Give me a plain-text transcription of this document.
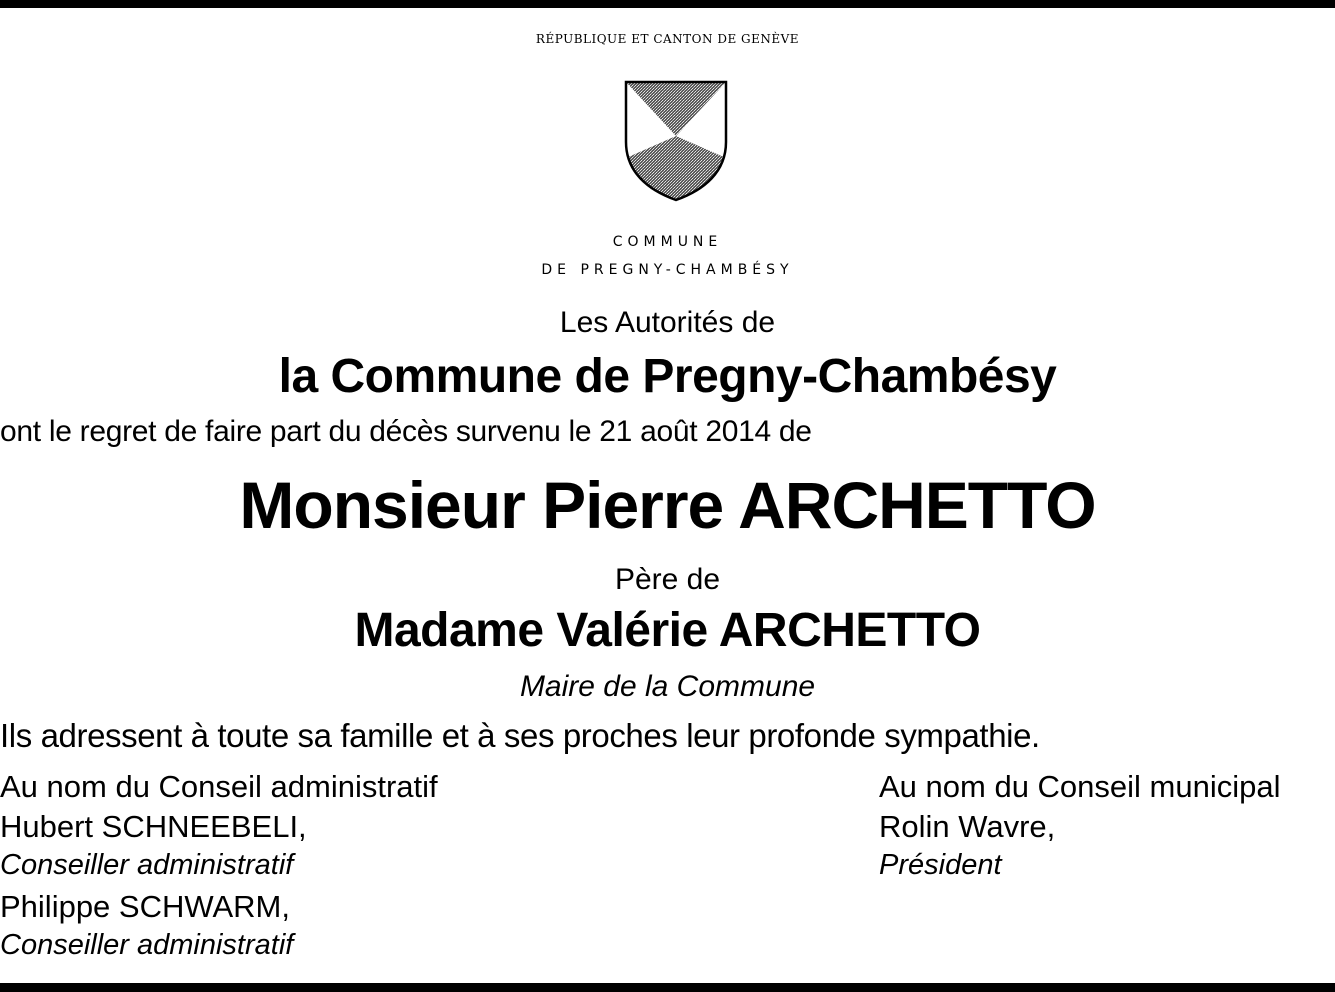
RÉPUBLIQUE ET CANTON DE GENÈVE
COMMUNE
DE PREGNY-CHAMBÉSY
Les Autorités de
la Commune de Pregny-Chambésy
ont le regret de faire part du décès survenu le 21 août 2014 de
Monsieur Pierre ARCHETTO
Père de
Madame Valérie ARCHETTO
Maire de la Commune
Ils adressent à toute sa famille et à ses proches leur profonde sympathie.
Au nom du Conseil administratif
Hubert SCHNEEBELI,
Conseiller administratif
Philippe SCHWARM,
Conseiller administratif
Au nom du Conseil municipal
Rolin Wavre,
Président
